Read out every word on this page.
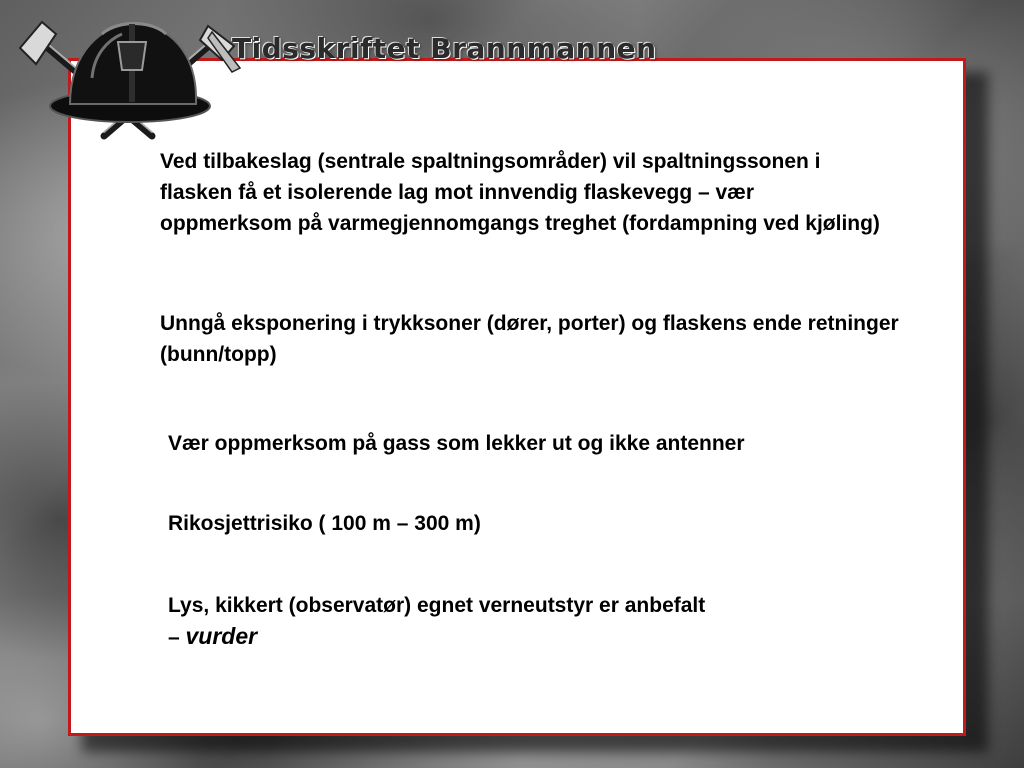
Tidsskriftet Brannmannen

Ved tilbakeslag (sentrale spaltningsområder) vil spaltningssonen i flasken få et isolerende lag mot innvendig flaskevegg – vær oppmerksom på varmegjennomgangs treghet (fordampning ved kjøling)

Unngå eksponering i trykksoner (dører, porter) og flaskens ende retninger (bunn/topp)

Vær oppmerksom på gass som lekker ut og ikke antenner

Rikosjettrisiko ( 100 m – 300 m)

Lys, kikkert (observatør) egnet verneutstyr er anbefalt
– vurder
